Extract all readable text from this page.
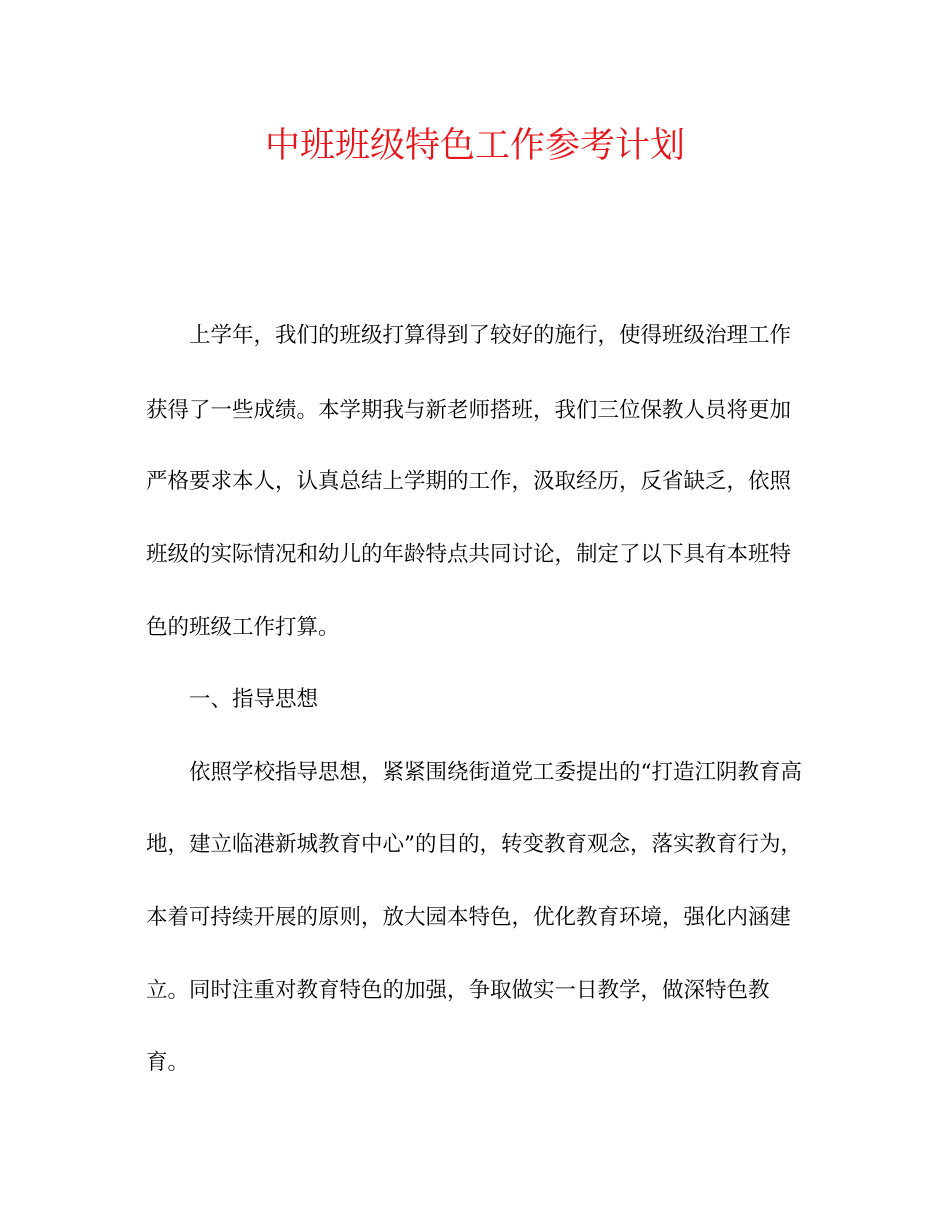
中班班级特色工作参考计划
上学年，我们的班级打算得到了较好的施行，使得班级治理工作
获得了一些成绩。本学期我与新老师搭班，我们三位保教人员将更加
严格要求本人，认真总结上学期的工作，汲取经历，反省缺乏，依照
班级的实际情况和幼儿的年龄特点共同讨论，制定了以下具有本班特
色的班级工作打算。
一、指导思想
依照学校指导思想，紧紧围绕街道党工委提出的“打造江阴教育高
地，建立临港新城教育中心”的目的，转变教育观念，落实教育行为，
本着可持续开展的原则，放大园本特色，优化教育环境，强化内涵建
立。同时注重对教育特色的加强，争取做实一日教学，做深特色教
育。
